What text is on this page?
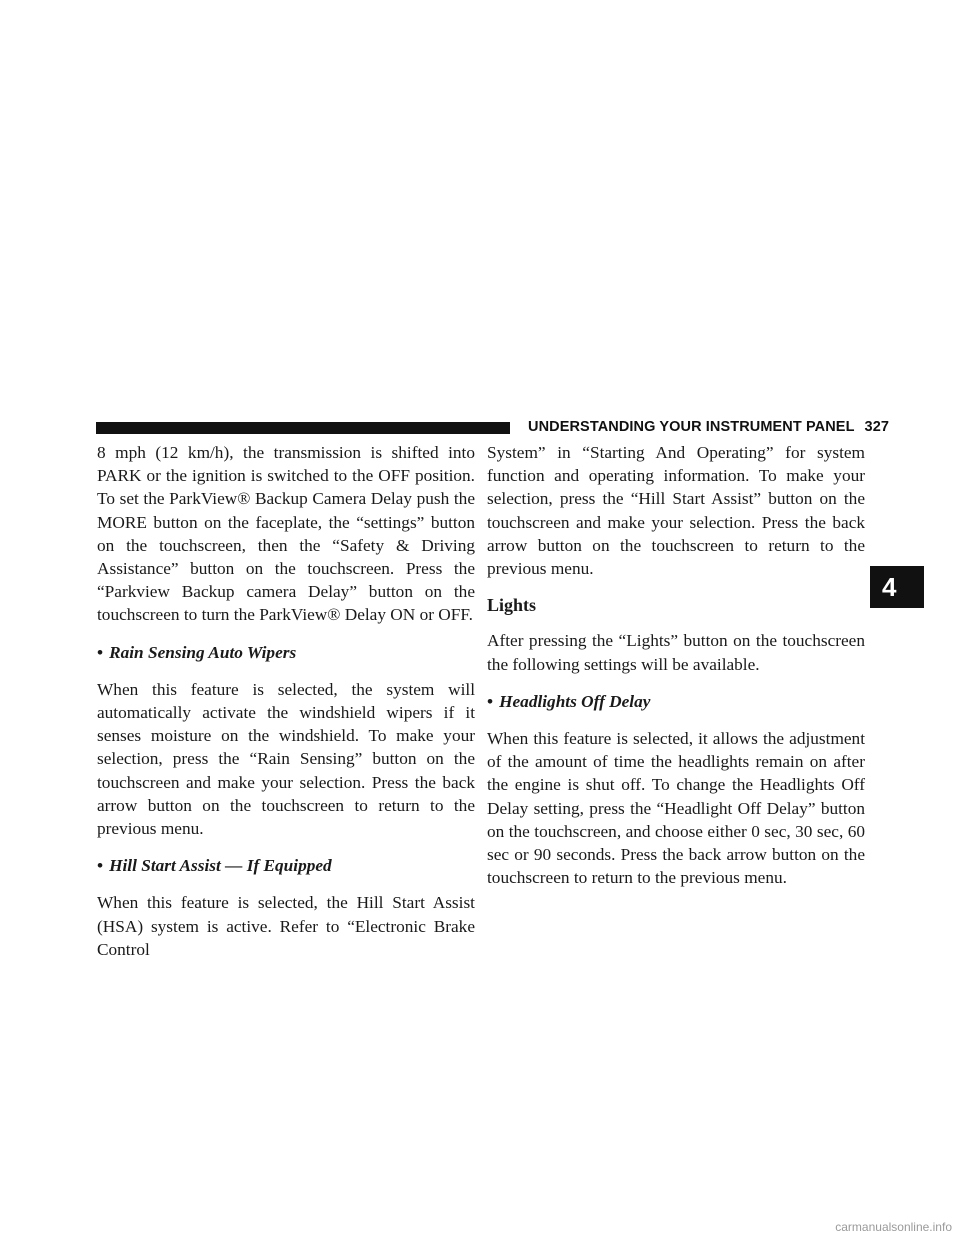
UNDERSTANDING YOUR INSTRUMENT PANEL 327

8 mph (12 km/h), the transmission is shifted into PARK or the ignition is switched to the OFF position. To set the ParkView® Backup Camera Delay push the MORE button on the faceplate, the “settings” button on the touchscreen, then the “Safety & Driving Assistance” button on the touchscreen. Press the “Parkview Backup camera Delay” button on the touchscreen to turn the ParkView® Delay ON or OFF.

• Rain Sensing Auto Wipers

When this feature is selected, the system will automatically activate the windshield wipers if it senses moisture on the windshield. To make your selection, press the “Rain Sensing” button on the touchscreen and make your selection. Press the back arrow button on the touchscreen to return to the previous menu.

• Hill Start Assist — If Equipped

When this feature is selected, the Hill Start Assist (HSA) system is active. Refer to “Electronic Brake Control

System” in “Starting And Operating” for system function and operating information. To make your selection, press the “Hill Start Assist” button on the touchscreen and make your selection. Press the back arrow button on the touchscreen to return to the previous menu.

Lights

After pressing the “Lights” button on the touchscreen the following settings will be available.

• Headlights Off Delay

When this feature is selected, it allows the adjustment of the amount of time the headlights remain on after the engine is shut off. To change the Headlights Off Delay setting, press the “Headlight Off Delay” button on the touchscreen, and choose either 0 sec, 30 sec, 60 sec or 90 seconds. Press the back arrow button on the touchscreen to return to the previous menu.

4
carmanualsonline.info
